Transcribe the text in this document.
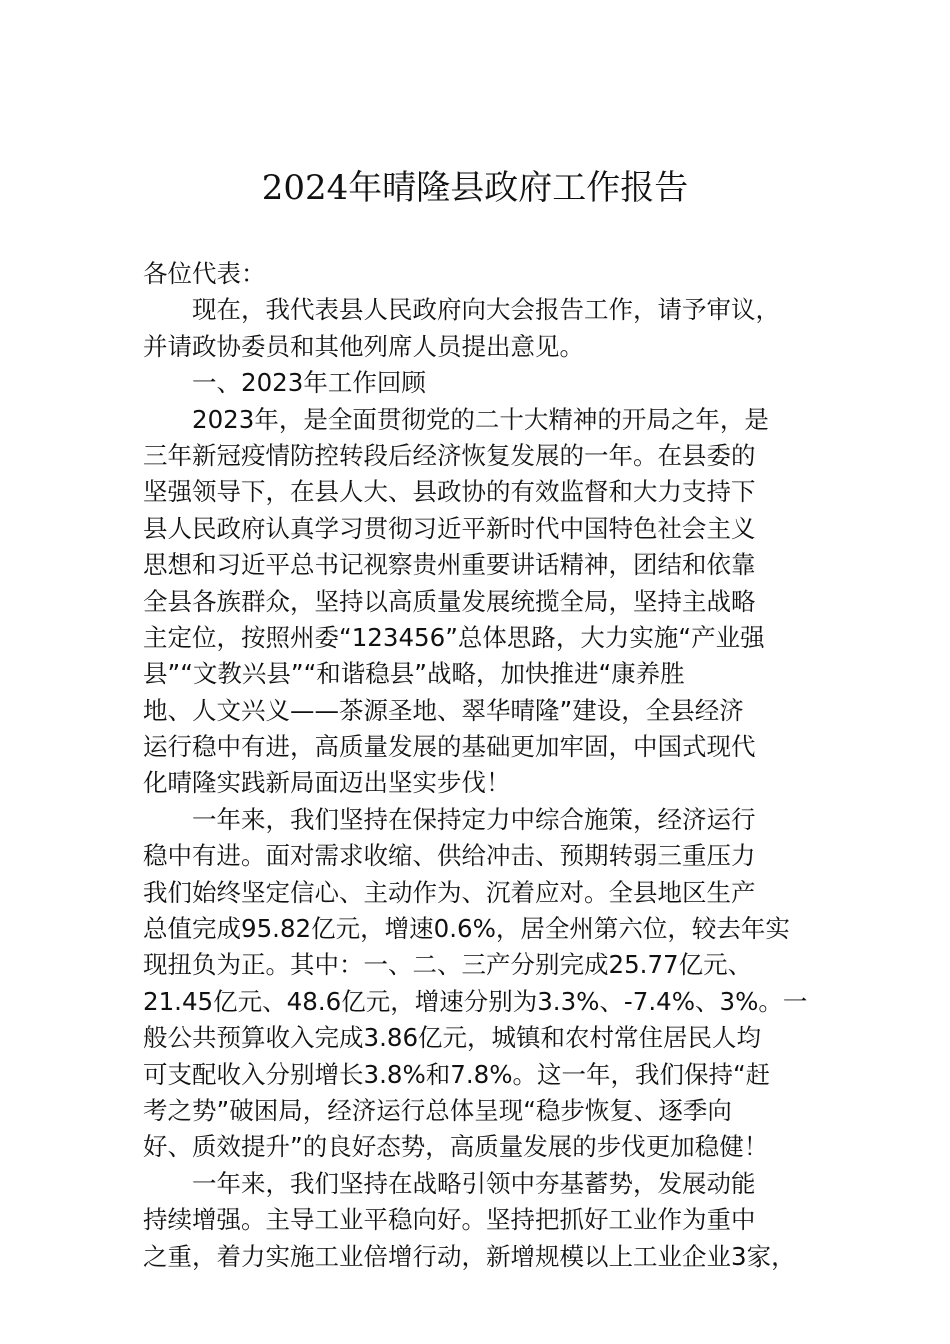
2024年晴隆县政府工作报告
各位代表：
现在，我代表县人民政府向大会报告工作，请予审议，
并请政协委员和其他列席人员提出意见。
一、2023年工作回顾
2023年，是全面贯彻党的二十大精神的开局之年，是
三年新冠疫情防控转段后经济恢复发展的一年。在县委的
坚强领导下，在县人大、县政协的有效监督和大力支持下
县人民政府认真学习贯彻习近平新时代中国特色社会主义
思想和习近平总书记视察贵州重要讲话精神，团结和依靠
全县各族群众，坚持以高质量发展统揽全局，坚持主战略
主定位，按照州委“123456”总体思路，大力实施“产业强
县”“文教兴县”“和谐稳县”战略，加快推进“康养胜
地、人文兴义——茶源圣地、翠华晴隆”建设，全县经济
运行稳中有进，高质量发展的基础更加牢固，中国式现代
化晴隆实践新局面迈出坚实步伐！
一年来，我们坚持在保持定力中综合施策，经济运行
稳中有进。面对需求收缩、供给冲击、预期转弱三重压力
我们始终坚定信心、主动作为、沉着应对。全县地区生产
总值完成95.82亿元，增速0.6%，居全州第六位，较去年实
现扭负为正。其中：一、二、三产分别完成25.77亿元、
21.45亿元、48.6亿元，增速分别为3.3%、-7.4%、3%。一
般公共预算收入完成3.86亿元，城镇和农村常住居民人均
可支配收入分别增长3.8%和7.8%。这一年，我们保持“赶
考之势”破困局，经济运行总体呈现“稳步恢复、逐季向
好、质效提升”的良好态势，高质量发展的步伐更加稳健！
一年来，我们坚持在战略引领中夯基蓄势，发展动能
持续增强。主导工业平稳向好。坚持把抓好工业作为重中
之重，着力实施工业倍增行动，新增规模以上工业企业3家，
